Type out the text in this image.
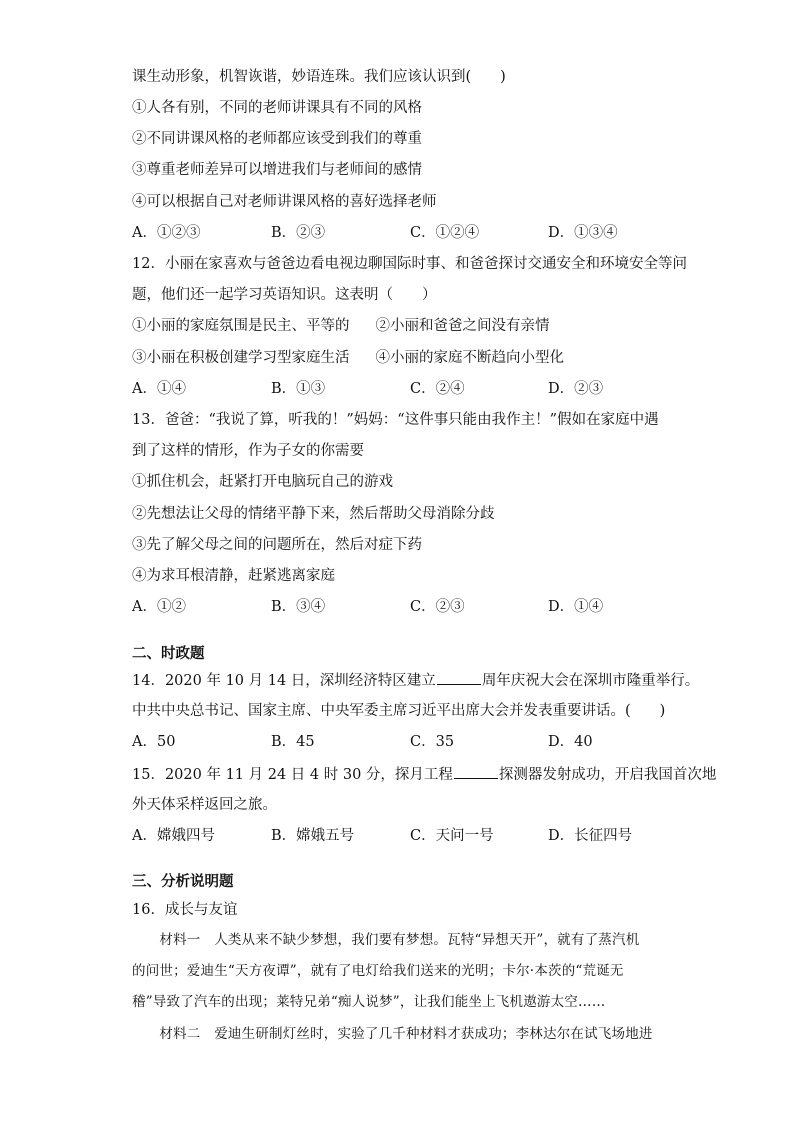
课生动形象，机智诙谐，妙语连珠。我们应该认识到(　　)
①人各有别，不同的老师讲课具有不同的风格
②不同讲课风格的老师都应该受到我们的尊重
③尊重老师差异可以增进我们与老师间的感情
④可以根据自己对老师讲课风格的喜好选择老师
A．①②③	B．②③	C．①②④	D．①③④
12．小丽在家喜欢与爸爸边看电视边聊国际时事、和爸爸探讨交通安全和环境安全等问
题，他们还一起学习英语知识。这表明（　　）
①小丽的家庭氛围是民主、平等的 ②小丽和爸爸之间没有亲情
③小丽在积极创建学习型家庭生活 ④小丽的家庭不断趋向小型化
A．①④	B．①③	C．②④	D．②③
13．爸爸：“我说了算，听我的！”妈妈：“这件事只能由我作主！”假如在家庭中遇
到了这样的情形，作为子女的你需要
①抓住机会，赶紧打开电脑玩自己的游戏
②先想法让父母的情绪平静下来，然后帮助父母消除分歧
③先了解父母之间的问题所在，然后对症下药
④为求耳根清静，赶紧逃离家庭
A．①②	B．③④	C．②③	D．①④
二、时政题
14．2020 年 10 月 14 日，深圳经济特区建立	周年庆祝大会在深圳市隆重举行。
中共中央总书记、国家主席、中央军委主席习近平出席大会并发表重要讲话。(　　)
A．50	B．45	C．35	D．40
15．2020 年 11 月 24 日 4 时 30 分，探月工程	探测器发射成功，开启我国首次地
外天体采样返回之旅。
A．嫦娥四号	B．嫦娥五号	C．天问一号	D．长征四号
三、分析说明题
16．成长与友谊
　　材料一　人类从来不缺少梦想，我们要有梦想。瓦特“异想天开”，就有了蒸汽机
的问世；爱迪生“天方夜谭”，就有了电灯给我们送来的光明；卡尔·本茨的“荒诞无
稽”导致了汽车的出现；莱特兄弟“痴人说梦”，让我们能坐上飞机遨游太空……
　　材料二　爱迪生研制灯丝时，实验了几千种材料才获成功；李林达尔在试飞场地进
